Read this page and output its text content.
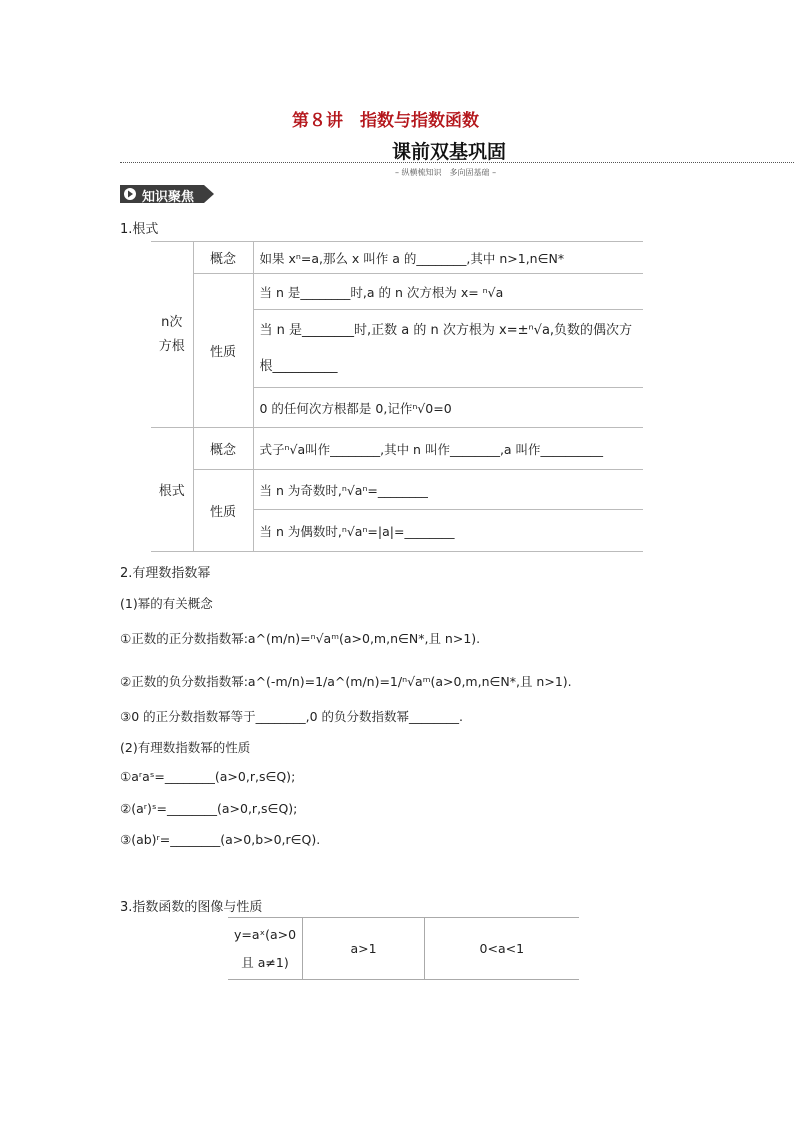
第８讲　指数与指数函数
课前双基巩固
– 纵横梳知识　多向固基础 –
知识聚焦
1.根式
n次
方根	概念	如果 xⁿ=a,那么 x 叫作 a 的________,其中 n>1,n∈N*
	性质	当 n 是________时,a 的 n 次方根为 x= ⁿ√a
		当 n 是________时,正数 a 的 n 次方根为 x=±ⁿ√a,负数的偶次方根__________
		0 的任何次方根都是 0,记作ⁿ√0=0
根式	概念	式子ⁿ√a叫作________,其中 n 叫作________,a 叫作__________
	性质	当 n 为奇数时,ⁿ√aⁿ=________
		当 n 为偶数时,ⁿ√aⁿ=|a|=________
2.有理数指数幂
(1)幂的有关概念
①正数的正分数指数幂:a^(m/n)=ⁿ√aᵐ(a>0,m,n∈N*,且 n>1).
②正数的负分数指数幂:a^(-m/n)=1/a^(m/n)=1/ⁿ√aᵐ(a>0,m,n∈N*,且 n>1).
③0 的正分数指数幂等于________,0 的负分数指数幂________.
(2)有理数指数幂的性质
①aʳaˢ=________(a>0,r,s∈Q);
②(aʳ)ˢ=________(a>0,r,s∈Q);
③(ab)ʳ=________(a>0,b>0,r∈Q).
3.指数函数的图像与性质
y=aˣ(a>0
且 a≠1)	a>1	0<a<1
